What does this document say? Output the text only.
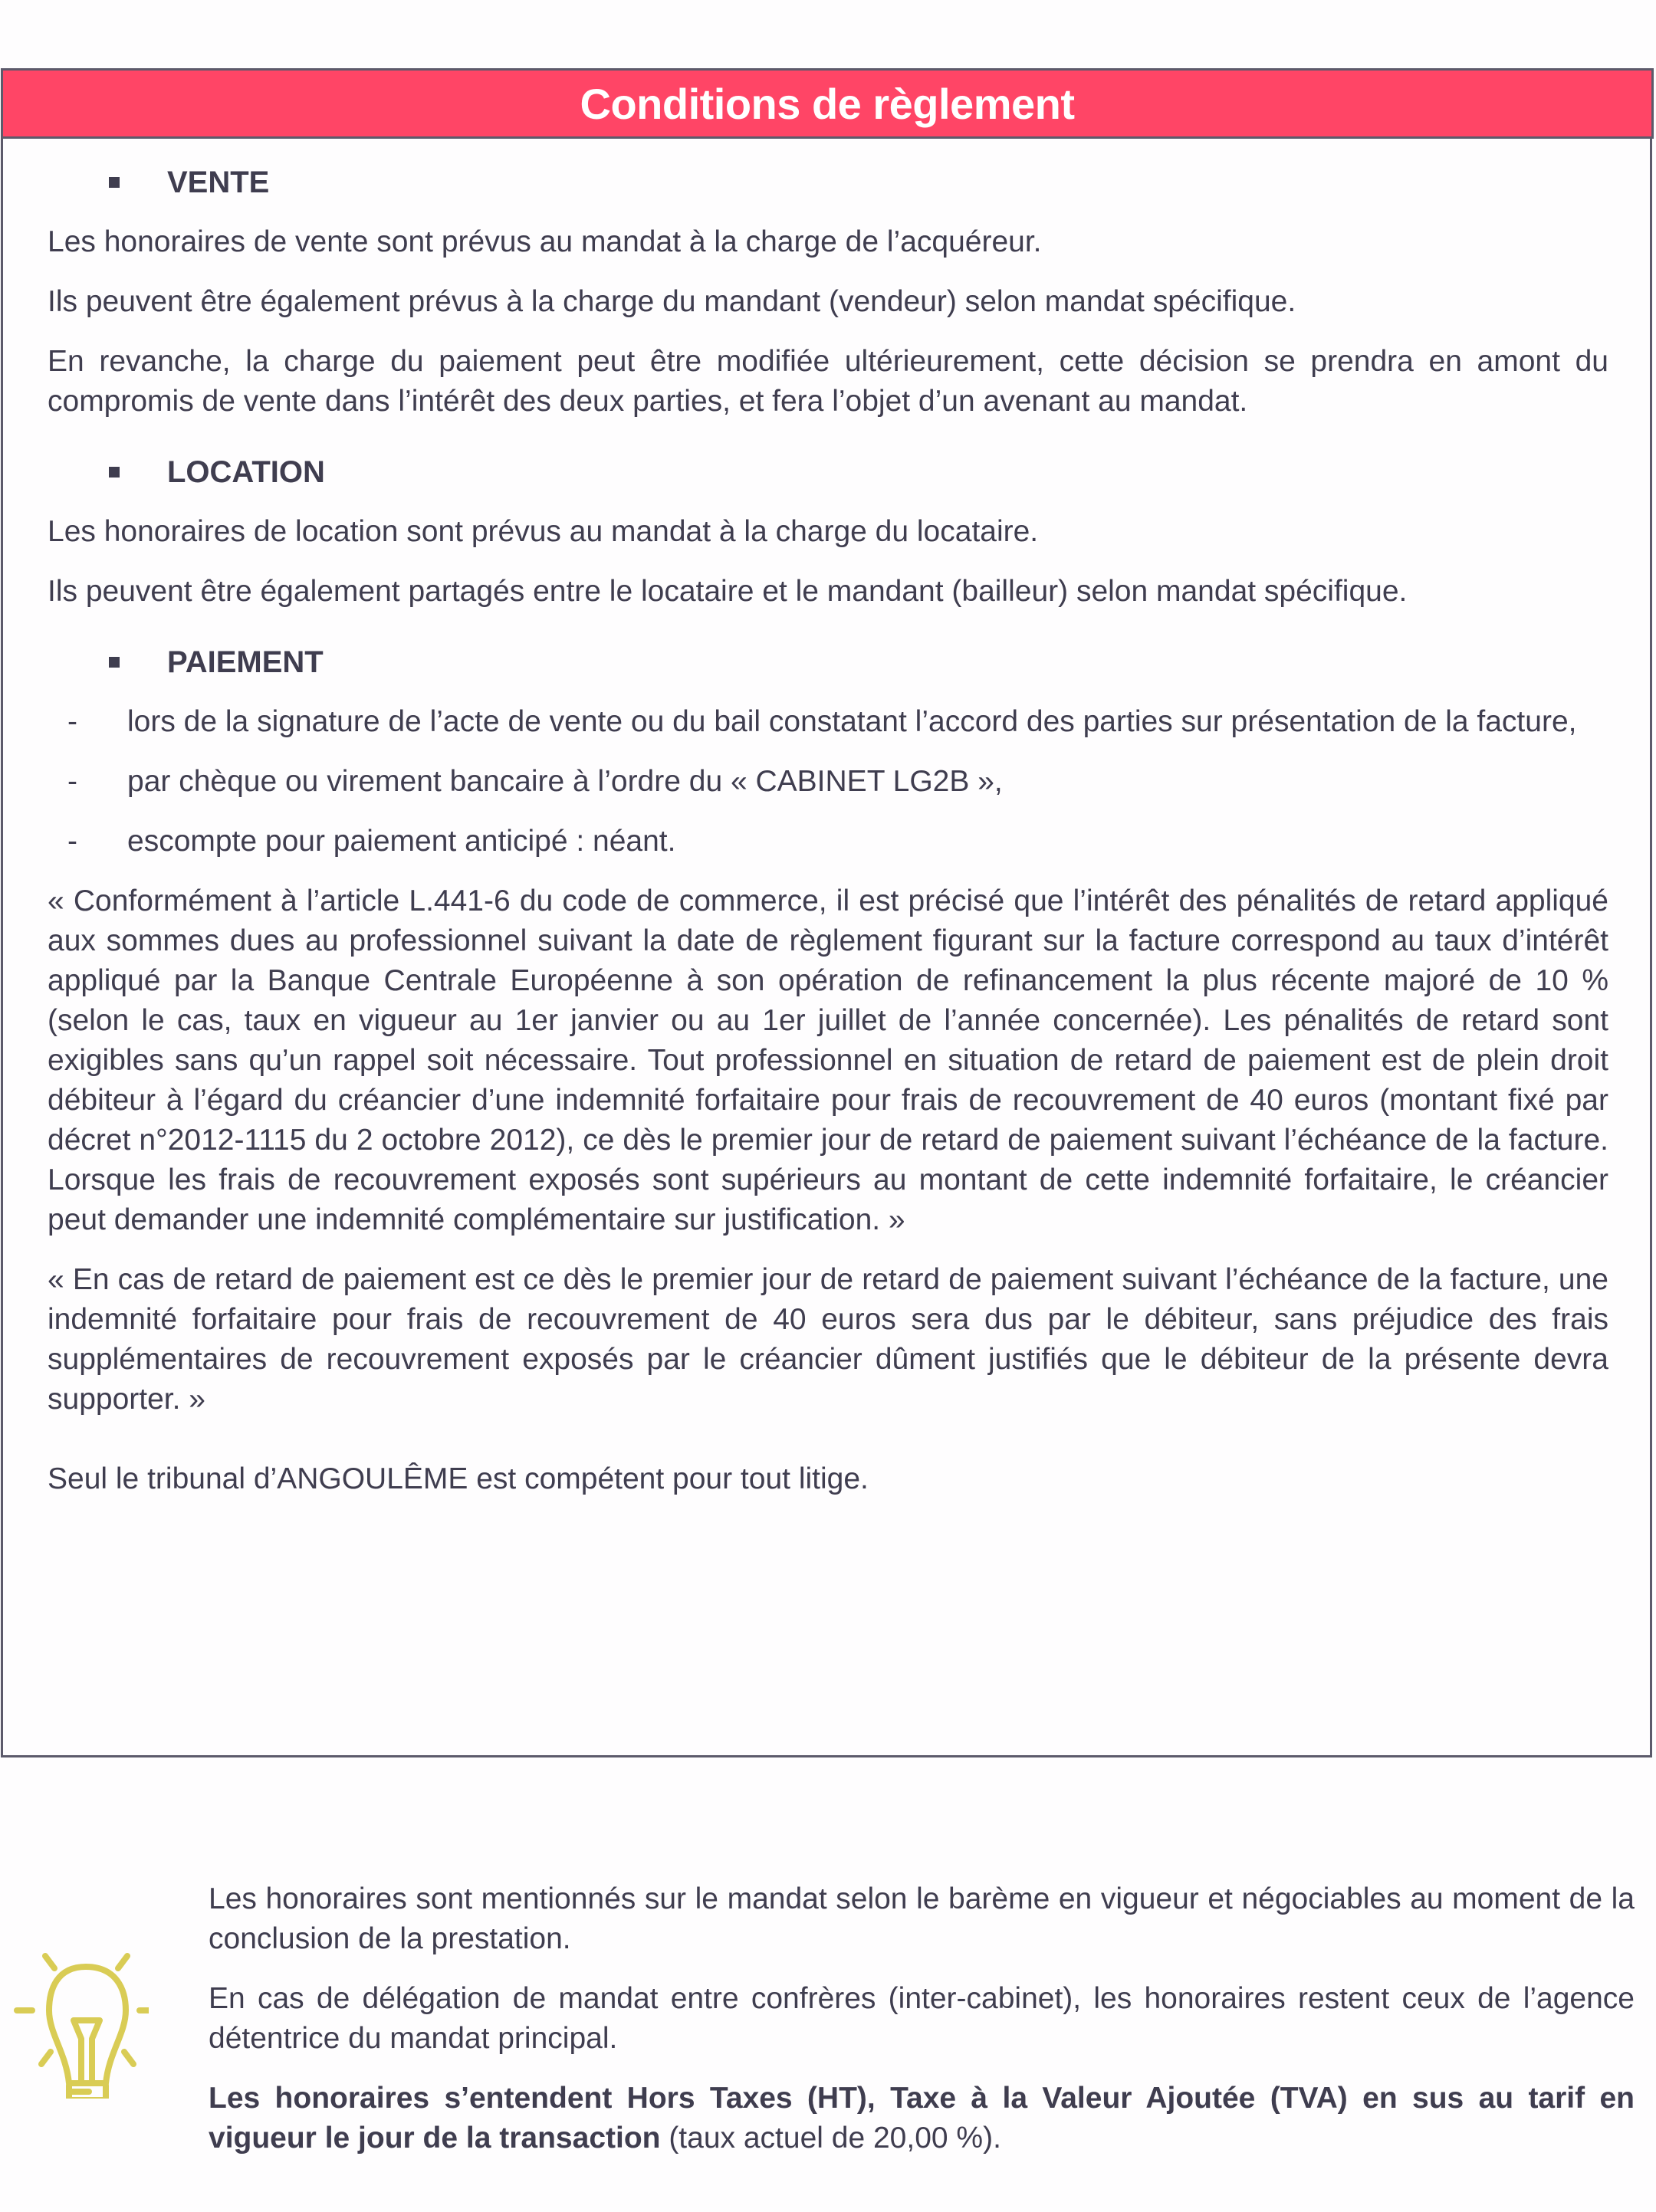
Conditions de règlement
VENTE

Les honoraires de vente sont prévus au mandat à la charge de l’acquéreur.

Ils peuvent être également prévus à la charge du mandant (vendeur) selon mandat spécifique.

En revanche, la charge du paiement peut être modifiée ultérieurement, cette décision se prendra en amont du compromis de vente dans l’intérêt des deux parties, et fera l’objet d’un avenant au mandat.

LOCATION

Les honoraires de location sont prévus au mandat à la charge du locataire.

Ils peuvent être également partagés entre le locataire et le mandant (bailleur) selon mandat spécifique.

PAIEMENT
-	lors de la signature de l’acte de vente ou du bail constatant l’accord des parties sur présentation de la facture,
-	par chèque ou virement bancaire à l’ordre du « CABINET LG2B »,
-	escompte pour paiement anticipé : néant.

« Conformément à l’article L.441-6 du code de commerce, il est précisé que l’intérêt des pénalités de retard appliqué aux sommes dues au professionnel suivant la date de règlement figurant sur la facture correspond au taux d’intérêt appliqué par la Banque Centrale Européenne à son opération de refinancement la plus récente majoré de 10 % (selon le cas, taux en vigueur au 1er janvier ou au 1er juillet de l’année concernée). Les pénalités de retard sont exigibles sans qu’un rappel soit nécessaire. Tout professionnel en situation de retard de paiement est de plein droit débiteur à l’égard du créancier d’une indemnité forfaitaire pour frais de recouvrement de 40 euros (montant fixé par décret n°2012-1115 du 2 octobre 2012), ce dès le premier jour de retard de paiement suivant l’échéance de la facture. Lorsque les frais de recouvrement exposés sont supérieurs au montant de cette indemnité forfaitaire, le créancier peut demander une indemnité complémentaire sur justification. »

« En cas de retard de paiement est ce dès le premier jour de retard de paiement suivant l’échéance de la facture, une indemnité forfaitaire pour frais de recouvrement de 40 euros sera dus par le débiteur, sans préjudice des frais supplémentaires de recouvrement exposés par le créancier dûment justifiés que le débiteur de la présente devra supporter. »

Seul le tribunal d’ANGOULÊME est compétent pour tout litige.

Les honoraires sont mentionnés sur le mandat selon le barème en vigueur et négociables au moment de la conclusion de la prestation.

En cas de délégation de mandat entre confrères (inter-cabinet), les honoraires restent ceux de l’agence détentrice du mandat principal.

Les honoraires s’entendent Hors Taxes (HT), Taxe à la Valeur Ajoutée (TVA) en sus au tarif en vigueur le jour de la transaction (taux actuel de 20,00 %).
